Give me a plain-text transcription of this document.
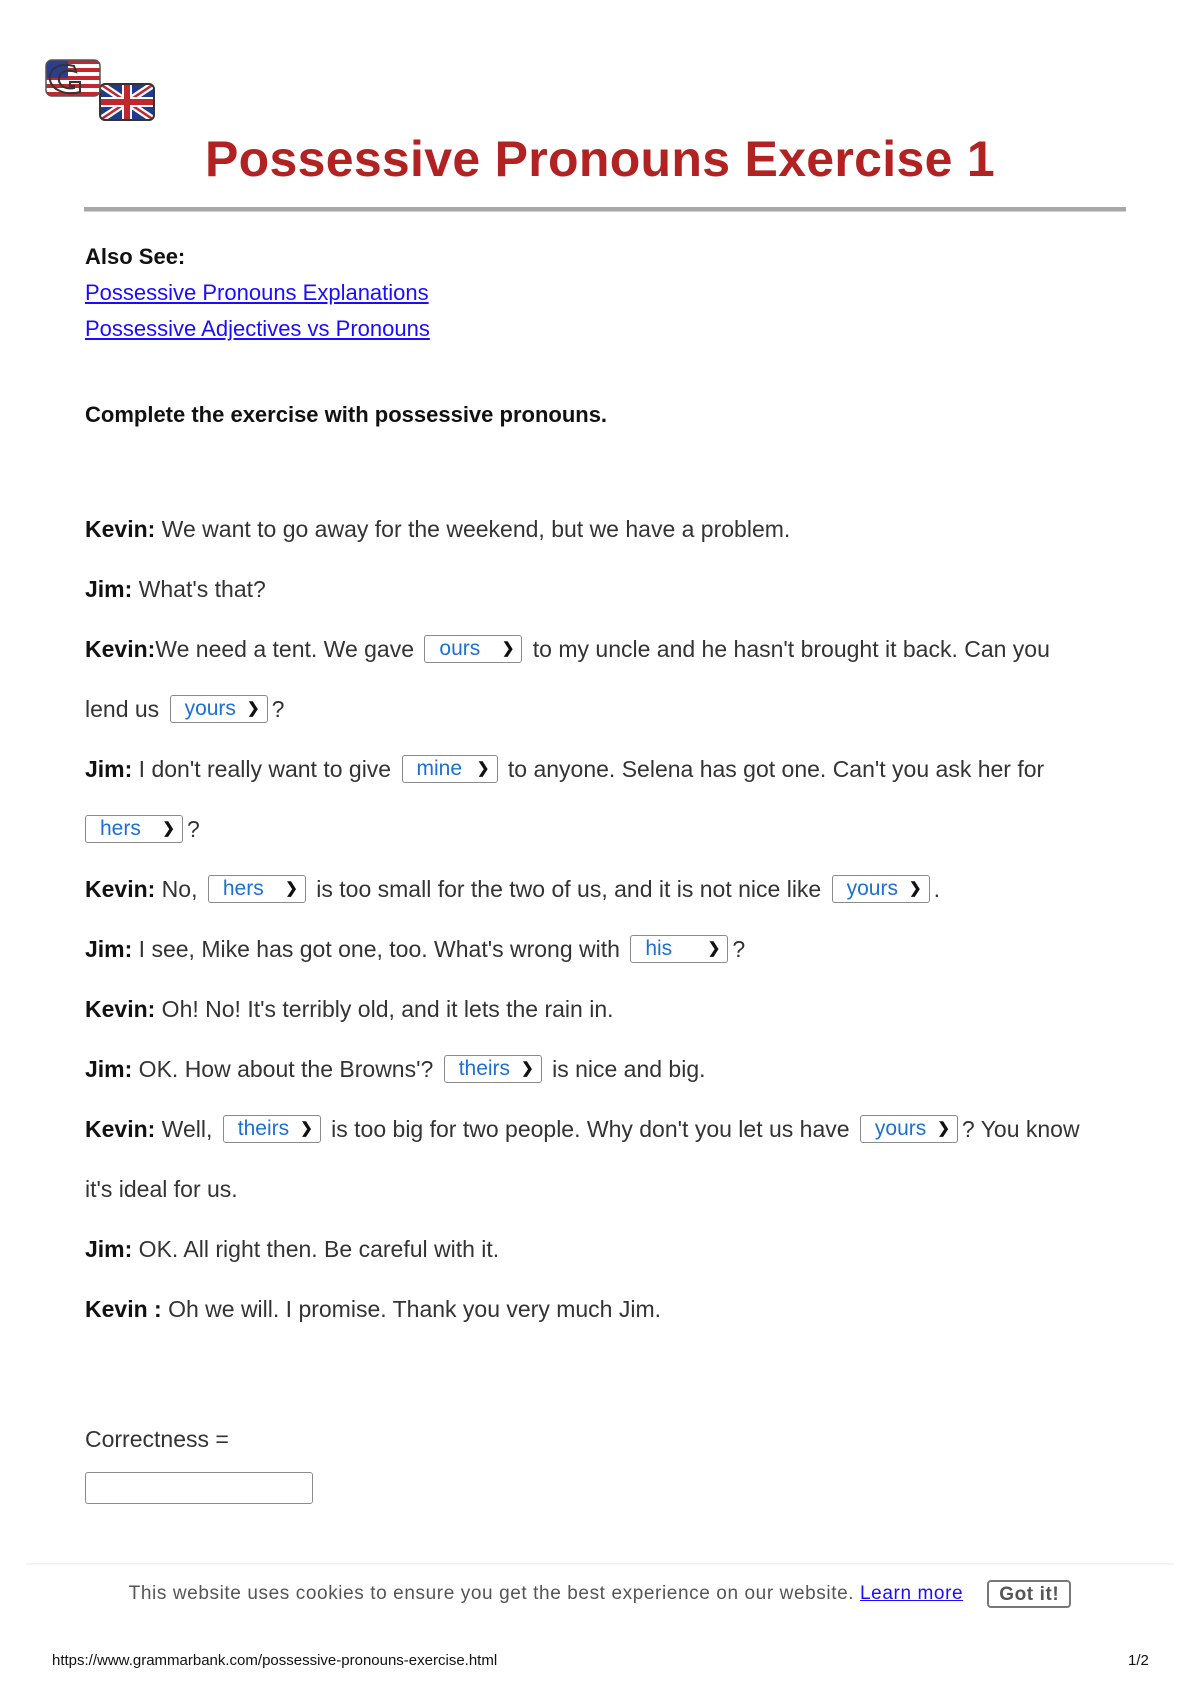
Possessive Pronouns Exercise 1
Also See:
Possessive Pronouns Explanations
Possessive Adjectives vs Pronouns
Complete the exercise with possessive pronouns.
Kevin: We want to go away for the weekend, but we have a problem.
Jim: What's that?
Kevin:We need a tent. We gave ours ❯ to my uncle and he hasn't brought it back. Can you
lend us yours ❯ ?
Jim: I don't really want to give mine ❯ to anyone. Selena has got one. Can't you ask her for
hers ❯ ?
Kevin: No, hers ❯ is too small for the two of us, and it is not nice like yours ❯ .
Jim: I see, Mike has got one, too. What's wrong with his ❯ ?
Kevin: Oh! No! It's terribly old, and it lets the rain in.
Jim: OK. How about the Browns'? theirs ❯ is nice and big.
Kevin: Well, theirs ❯ is too big for two people. Why don't you let us have yours ❯ ? You know
it's ideal for us.
Jim: OK. All right then. Be careful with it.
Kevin : Oh we will. I promise. Thank you very much Jim.
Correctness =
This website uses cookies to ensure you get the best experience on our website. Learn more Got it!
https://www.grammarbank.com/possessive-pronouns-exercise.html	1/2
